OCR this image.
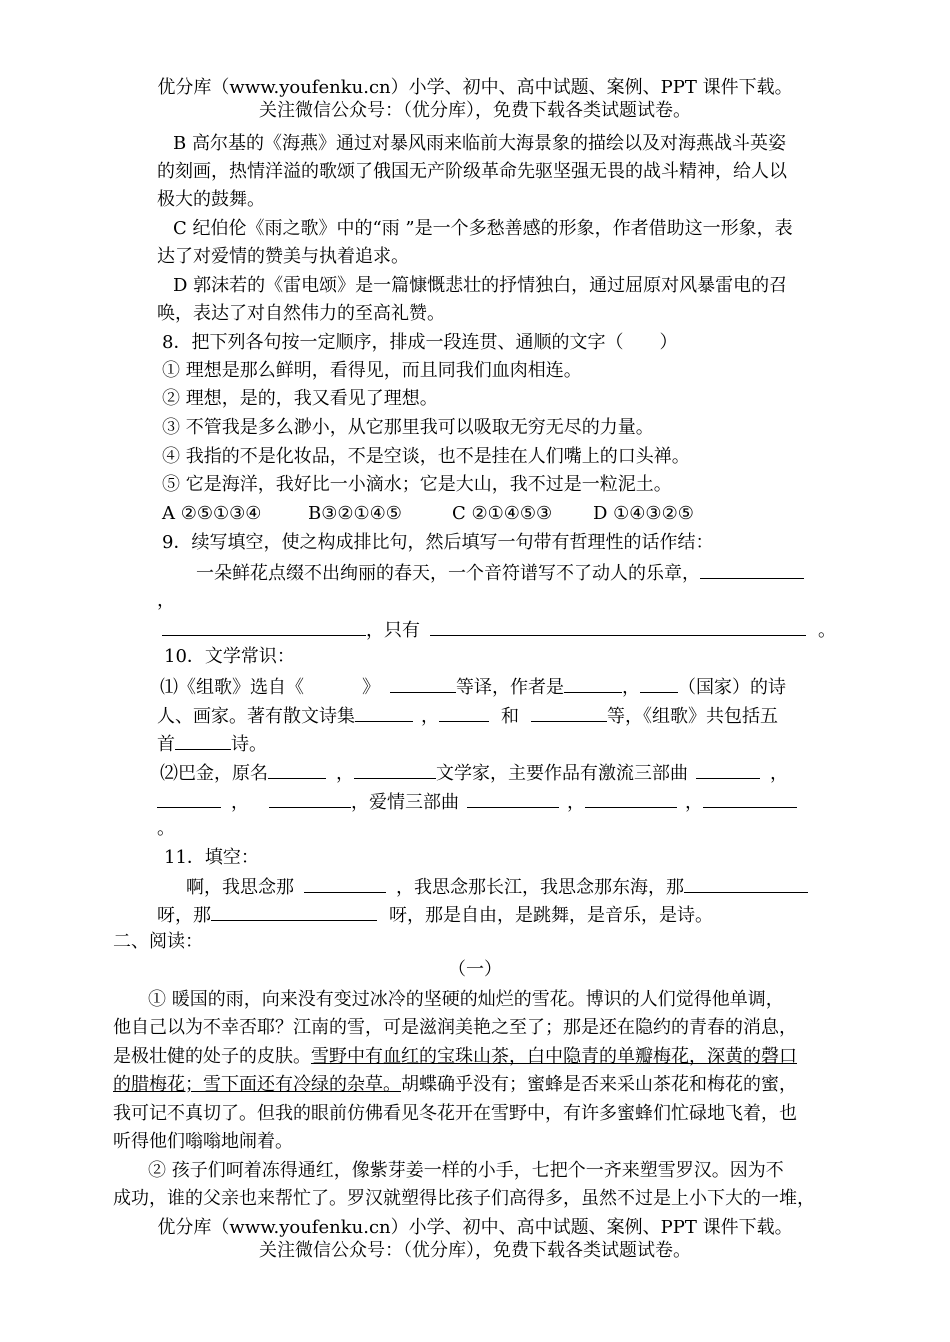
优分库（www.youfenku.cn）小学、初中、高中试题、案例、PPT 课件下载。
关注微信公众号：（优分库），免费下载各类试题试卷。
B 高尔基的《海燕》通过对暴风雨来临前大海景象的描绘以及对海燕战斗英姿
的刻画，热情洋溢的歌颂了俄国无产阶级革命先驱坚强无畏的战斗精神，给人以
极大的鼓舞。
C 纪伯伦《雨之歌》中的“雨 ”是一个多愁善感的形象，作者借助这一形象，表
达了对爱情的赞美与执着追求。
D 郭沫若的《雷电颂》是一篇慷慨悲壮的抒情独白，通过屈原对风暴雷电的召
唤，表达了对自然伟力的至高礼赞。
8．把下列各句按一定顺序，排成一段连贯、通顺的文字（　　）
① 理想是那么鲜明，看得见，而且同我们血肉相连。
② 理想，是的，我又看见了理想。
③ 不管我是多么渺小，从它那里我可以吸取无穷无尽的力量。
④ 我指的不是化妆品，不是空谈，也不是挂在人们嘴上的口头禅。
⑤ 它是海洋，我好比一小滴水；它是大山，我不过是一粒泥土。
A ②⑤①③④	B③②①④⑤	C ②①④⑤③ D ①④③②⑤
9．续写填空，使之构成排比句，然后填写一句带有哲理性的话作结：
一朵鲜花点缀不出绚丽的春天，一个音符谱写不了动人的乐章，
，
，只有	。
10．文学常识：
⑴《组歌》选自《	》	等译，作者是	， （国家）的诗
人、画家。著有散文诗集	，	和	等，《组歌》共包括五
首	诗。
⑵巴金，原名	，	文学家，主要作品有激流三部曲	，
，	，爱情三部曲	，	，
。
11．填空：
啊，我思念那	，我思念那长江，我思念那东海，那
呀，那	呀，那是自由，是跳舞，是音乐，是诗。
二、阅读：
（一）
① 暖国的雨，向来没有变过冰冷的坚硬的灿烂的雪花。博识的人们觉得他单调，
他自己以为不幸否耶？江南的雪，可是滋润美艳之至了；那是还在隐约的青春的消息，
是极壮健的处子的皮肤。雪野中有血红的宝珠山茶，白中隐青的单瓣梅花，深黄的磬口
的腊梅花；雪下面还有冷绿的杂草。胡蝶确乎没有；蜜蜂是否来采山茶花和梅花的蜜，
我可记不真切了。但我的眼前仿佛看见冬花开在雪野中，有许多蜜蜂们忙碌地飞着，也
听得他们嗡嗡地闹着。
② 孩子们呵着冻得通红，像紫芽姜一样的小手，七把个一齐来塑雪罗汉。因为不
成功，谁的父亲也来帮忙了。罗汉就塑得比孩子们高得多，虽然不过是上小下大的一堆，
优分库（www.youfenku.cn）小学、初中、高中试题、案例、PPT 课件下载。
关注微信公众号：（优分库），免费下载各类试题试卷。
